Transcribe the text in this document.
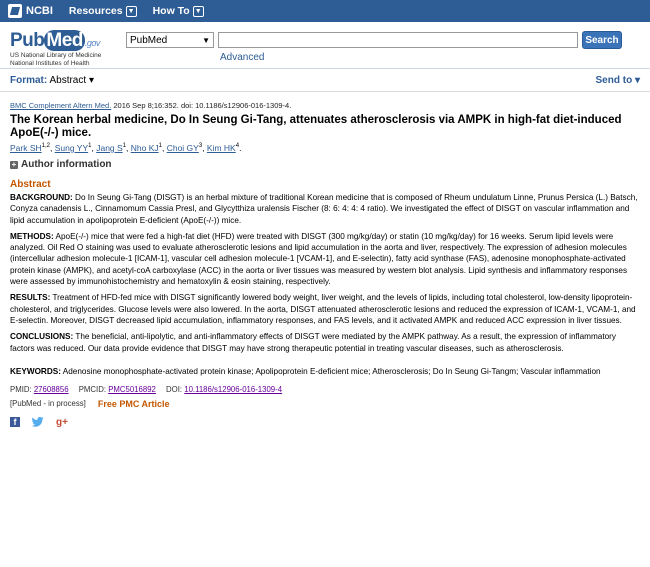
NCBI Resources ▼ How To ▼
Pub Med .gov
US National Library of Medicine
National Institutes of Health
PubMed	▼	Search
Advanced
Format: Abstract ▾	Send to ▾
BMC Complement Altern Med. 2016 Sep 8;16:352. doi: 10.1186/s12906-016-1309-4.
The Korean herbal medicine, Do In Seung Gi-Tang, attenuates atherosclerosis via AMPK in high-fat diet-induced ApoE(-/-) mice.
Park SH$^{1,2}$, Sung $YY^1$, Jang $S^1$, Nho $KJ^1$, Choi $GY^3$, Kim $HK^4$.
+ Author information
Abstract
BACKGROUND: Do In Seung Gi-Tang (DISGT) is an herbal mixture of traditional Korean medicine that is composed of Rheum undulatum Linne, Prunus Persica (L.) Batsch, Conyza canadensis L., Cinnamomum Cassia Presl, and Glycytthiza uralensis Fischer (8: 6: 4: 4: 4 ratio). We investigated the effect of DISGT on vascular inflammation and lipid accumulation in apolipoprotein E-deficient (ApoE(-/-)) mice.
METHODS: ApoE(-/-) mice that were fed a high-fat diet (HFD) were treated with DISGT (300 mg/kg/day) or statin (10 mg/kg/day) for 16 weeks. Serum lipid levels were analyzed. Oil Red O staining was used to evaluate atherosclerotic lesions and lipid accumulation in the aorta and liver, respectively. The expression of adhesion molecules (intercellular adhesion molecule-1 [ICAM-1], vascular cell adhesion molecule-1 [VCAM-1], and E-selectin), fatty acid synthase (FAS), adenosine monophosphate-activated protein kinase (AMPK), and acetyl-coA carboxylase (ACC) in the aorta or liver tissues was measured by western blot analysis. Lipid synthesis and inflammatory responses were assessed by immunohistochemistry and hematoxylin & eosin staining, respectively.
RESULTS: Treatment of HFD-fed mice with DISGT significantly lowered body weight, liver weight, and the levels of lipids, including total cholesterol, low-density lipoprotein-cholesterol, and triglycerides. Glucose levels were also lowered. In the aorta, DISGT attenuated atherosclerotic lesions and reduced the expression of ICAM-1, VCAM-1, and E-selectin. Moreover, DISGT decreased lipid accumulation, inflammatory responses, and FAS levels, and it activated AMPK and reduced ACC expression in liver tissues.
CONCLUSIONS: The beneficial, anti-lipolytic, and anti-inflammatory effects of DISGT were mediated by the AMPK pathway. As a result, the expression of inflammatory factors was reduced. Our data provide evidence that DISGT may have strong therapeutic potential in treating vascular diseases, such as atherosclerosis.
KEYWORDS: Adenosine monophosphate-activated protein kinase; Apolipoprotein E-deficient mice; Atherosclerosis; Do In Seung Gi-Tangm; Vascular inflammation
PMID: 27608856 PMCID: PMC5016892 DOI: 10.1186/s12906-016-1309-4
[PubMed - in process] Free PMC Article
f	g+
